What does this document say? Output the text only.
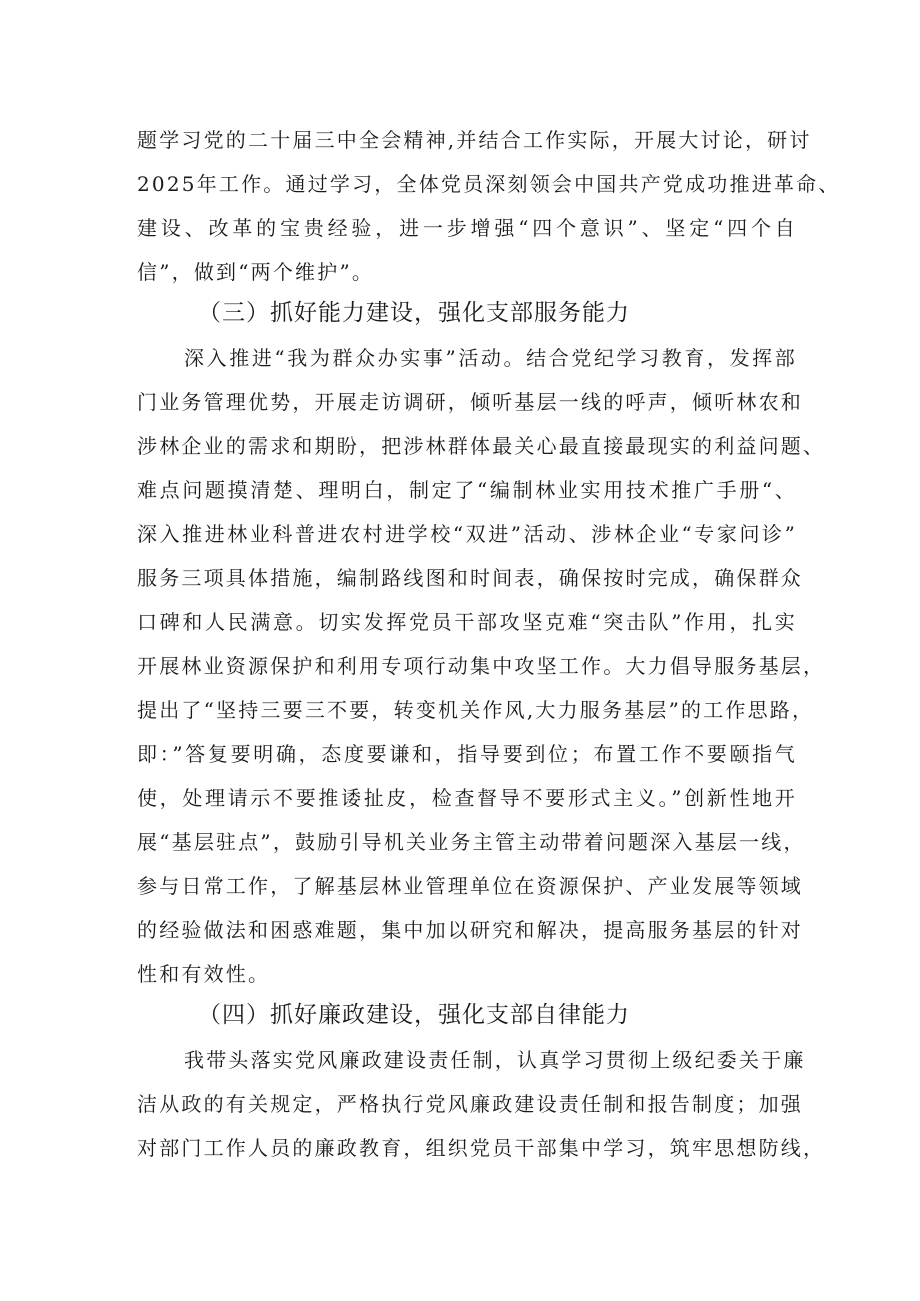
题学习党的二十届三中全会精神,并结合工作实际，开展大讨论，研讨
2025年工作。通过学习，全体党员深刻领会中国共产党成功推进革命、
建设、改革的宝贵经验，进一步增强“四个意识”、坚定“四个自
信”，做到“两个维护”。
（三）抓好能力建设，强化支部服务能力
深入推进“我为群众办实事”活动。结合党纪学习教育，发挥部
门业务管理优势，开展走访调研，倾听基层一线的呼声，倾听林农和
涉林企业的需求和期盼，把涉林群体最关心最直接最现实的利益问题、
难点问题摸清楚、理明白，制定了“编制林业实用技术推广手册“、
深入推进林业科普进农村进学校“双进”活动、涉林企业“专家问诊”
服务三项具体措施，编制路线图和时间表，确保按时完成，确保群众
口碑和人民满意。切实发挥党员干部攻坚克难“突击队”作用，扎实
开展林业资源保护和利用专项行动集中攻坚工作。大力倡导服务基层，
提出了“坚持三要三不要，转变机关作风,大力服务基层”的工作思路，
即：”答复要明确，态度要谦和，指导要到位；布置工作不要颐指气
使，处理请示不要推诿扯皮，检查督导不要形式主义。”创新性地开
展“基层驻点”，鼓励引导机关业务主管主动带着问题深入基层一线，
参与日常工作，了解基层林业管理单位在资源保护、产业发展等领域
的经验做法和困惑难题，集中加以研究和解决，提高服务基层的针对
性和有效性。
（四）抓好廉政建设，强化支部自律能力
我带头落实党风廉政建设责任制，认真学习贯彻上级纪委关于廉
洁从政的有关规定，严格执行党风廉政建设责任制和报告制度；加强
对部门工作人员的廉政教育，组织党员干部集中学习，筑牢思想防线，
